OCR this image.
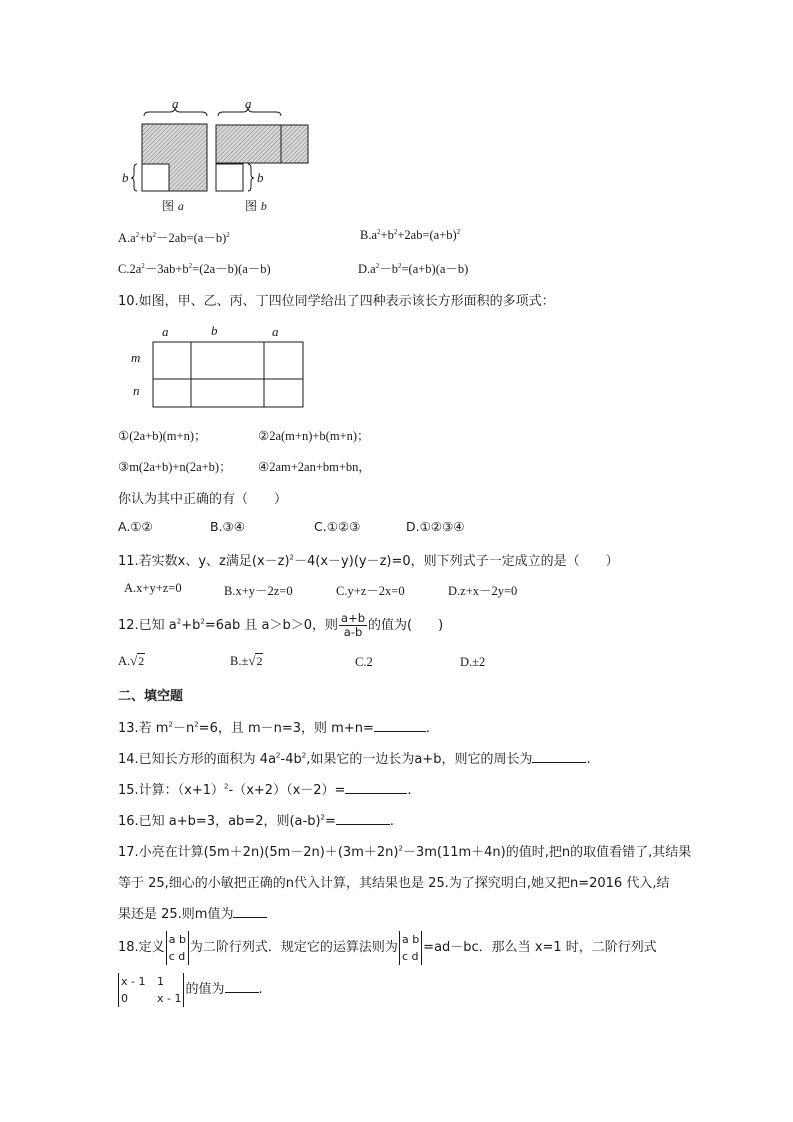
a
b
图 a
a
b
图 b
$A.a^2+b^2-2ab=(a-b)^2$	$B.a^2+b^2+2ab=(a+b)^2$
$C.2a^2-3ab+b^2=(2a-b)(a-b)$	$D.a^2-b^2=(a+b)(a-b)$
10.如图，甲、乙、丙、丁四位同学给出了四种表示该长方形面积的多项式：
a	b	a
m
n
①(2a+b)(m+n)；	②2a(m+n)+b(m+n)；
③m(2a+b)+n(2a+b)； ④2am+2an+bm+bn，
你认为其中正确的有（　　）
A.①②	B.③④	C.①②③	D.①②③④
11.若实数x、y、z满足$(x-z)^2-4(x-y)(y-z)=0$，则下列式子一定成立的是（　　）
A.x+y+z=0	B.x+y－2z=0	C.y+z－2x=0	D.z+x－2y=0
12.已知 $a^2+b^2=6ab$ 且 a＞b＞0，则 $\frac{a+b}{a-b}$ 的值为(　　)
A.√2	B.±√2	C.2	D.±2
二、填空题
13.若 $m^2-n^2=6$，且 m－n=3，则 m+n=	.
14.已知长方形的面积为 $4a^2-4b^2$,如果它的一边长为a+b，则它的周长为	.
15.计算：$(x+1)^2-(x+2)(x-2)=$	.
16.已知 a+b=3，ab=2，则$(a-b)^2=$	.
17.小亮在计算$(5m+2n)(5m-2n)+(3m+2n)^2-3m(11m+4n)$的值时,把n的取值看错了,其结果
等于 25,细心的小敏把正确的n代入计算，其结果也是 25.为了探究明白,她又把n=2016 代入,结
果还是 25.则m值为
18.定义a b
c d为二阶行列式．规定它的运算法则为a b
c d=ad－bc．那么当 x=1 时，二阶行列式
x - 1 1
0	x - 1的值为	.
